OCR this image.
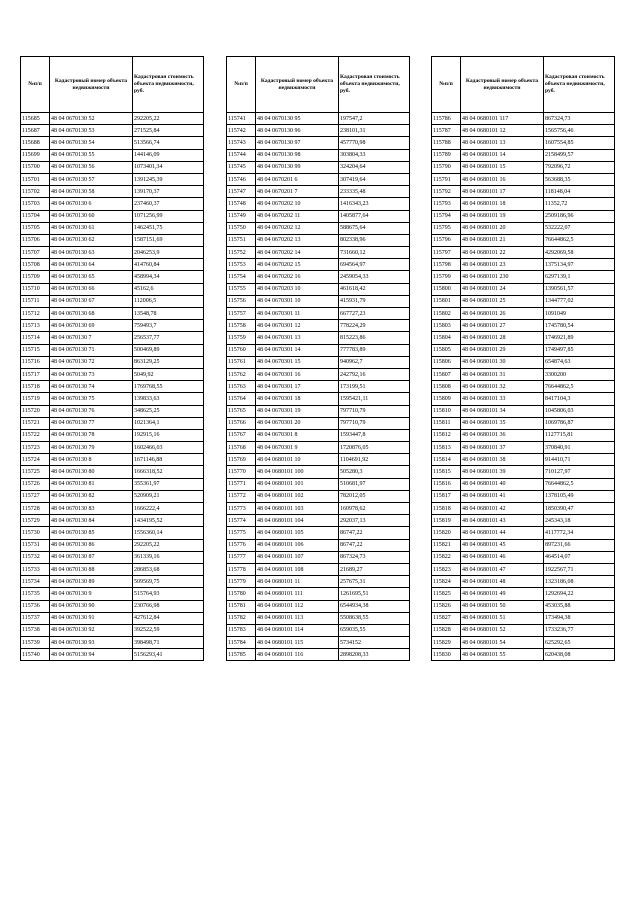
№п/п	Кадастровый номер объекта недвижимости	Кадастровая стоимость объекта недвижимости, руб.
115685	48 04 0670130 52	292205,22
115687	48 04 0670130 53	271525,84
115688	48 04 0670130 54	513566,74
115699	48 04 0670130 55	144146,09
115700	48 04 0670130 56	1073401,34
115701	48 04 0670130 57	1391245,39
115702	48 04 0670130 58	139170,37
115703	48 04 0670130 6	237460,37
115704	48 04 0670130 60	1071256,99
115705	48 04 0670130 61	1462451,75
115706	48 04 0670130 62	1587151,69
115707	48 04 0670130 63	2046253,9
115708	48 04 0670130 64	414760,84
115709	48 04 0670130 65	458994,34
115710	48 04 0670130 66	45162,6
115711	48 04 0670130 67	112006,5
115712	48 04 0670130 68	13548,78
115713	48 04 0670130 69	759493,7
115714	48 04 0670130 7	256537,77
115715	48 04 0670130 71	500469,89
115716	48 04 0670130 72	863129,25
115717	48 04 0670130 73	5049,92
115718	48 04 0670130 74	1769768,55
115719	48 04 0670130 75	139833,63
115720	48 04 0670130 76	348625,25
115721	48 04 0670130 77	1021364,1
115722	48 04 0670130 78	192915,16
115723	48 04 0670130 79	1602466,03
115724	48 04 0670130 8	1671146,88
115725	48 04 0670130 80	1666318,52
115726	48 04 0670130 81	355361,97
115727	48 04 0670130 82	520909,21
115728	48 04 0670130 83	1666222,4
115729	48 04 0670130 84	1434195,52
115730	48 04 0670130 85	1556360,14
115731	48 04 0670130 86	292205,22
115732	48 04 0670130 87	361339,16
115733	48 04 0670130 88	286853,68
115734	48 04 0670130 89	509569,75
115735	48 04 0670130 9	515764,93
115736	48 04 0670130 90	230766,98
115737	48 04 0670130 91	427612,84
115738	48 04 0670130 92	392522,59
115739	48 04 0670130 93	398498,71
115740	48 04 0670130 94	5156293,41
№п/п	Кадастровый номер объекта недвижимости	Кадастровая стоимость объекта недвижимости, руб.
115741	48 04 0670130 95	197547,2
115742	48 04 0670130 96	238101,31
115743	48 04 0670130 97	457770,98
115744	48 04 0670130 98	303804,33
115745	48 04 0670130 99	324204,64
115746	48 04 0670201 6	307419,64
115747	48 04 0670201 7	233335,48
115748	48 04 0670202 10	1416343,23
115749	48 04 0670202 11	1405877,64
115750	48 04 0670202 12	588675,64
115751	48 04 0670202 13	802338,96
115752	48 04 0670202 14	731660,12
115753	48 04 0670202 15	694564,97
115754	48 04 0670202 16	2459054,33
115755	48 04 0670203 10	461618,42
115756	48 04 0670301 10	415931,79
115757	48 04 0670301 11	667727,23
115758	48 04 0670301 12	778224,29
115759	48 04 0670301 13	815223,86
115760	48 04 0670301 14	777783,89
115761	48 04 0670301 15	940962,7
115762	48 04 0670301 16	242792,16
115763	48 04 0670301 17	173199,51
115764	48 04 0670301 18	1595421,11
115765	48 04 0670301 19	797710,79
115766	48 04 0670301 20	797710,79
115767	48 04 0670301 8	1593447,8
115768	48 04 0670301 9	1720876,05
115769	48 04 0680101 10	1104691,92
115770	48 04 0680101 100	505280,3
115771	48 04 0680101 101	510681,97
115772	48 04 0680101 102	782012,05
115773	48 04 0680101 103	160978,62
115774	48 04 0680101 104	292037,13
115775	48 04 0680101 105	86747,22
115776	48 04 0680101 106	86747,22
115777	48 04 0680101 107	867324,73
115778	48 04 0680101 108	21689,27
115779	48 04 0680101 11	257675,31
115780	48 04 0680101 111	1261695,51
115781	48 04 0680101 112	6544934,38
115782	48 04 0680101 113	5508638,55
115783	48 04 0680101 114	659035,55
115784	48 04 0680101 115	5734152
115785	48 04 0680101 116	2898208,33
№п/п	Кадастровый номер объекта недвижимости	Кадастровая стоимость объекта недвижимости, руб.
115786	48 04 0680101 117	867324,73
115787	48 04 0680101 12	1565756,46
115788	48 04 0680101 13	1607554,85
115789	48 04 0680101 14	2158499,57
115790	48 04 0680101 15	792096,72
115791	48 04 0680101 16	563688,35
115792	48 04 0680101 17	118148,04
115793	48 04 0680101 18	11352,72
115794	48 04 0680101 19	2509186,96
115795	48 04 0680101 20	532222,07
115796	48 04 0680101 21	76644862,5
115797	48 04 0680101 22	4292069,58
115798	48 04 0680101 23	1375134,97
115799	48 04 0680101 230	6297139,1
115800	48 04 0680101 24	1390561,57
115801	48 04 0680101 25	1344777,02
115802	48 04 0680101 26	1091049
115803	48 04 0680101 27	1745780,54
115804	48 04 0680101 28	1746921,89
115805	48 04 0680101 29	1749497,85
115806	48 04 0680101 30	654874,63
115807	48 04 0680101 31	3300200
115808	48 04 0680101 32	76644862,5
115809	48 04 0680101 33	8417104,3
115810	48 04 0680101 34	1045806,03
115811	48 04 0680101 35	1069786,87
115812	48 04 0680101 36	1127715,81
115813	48 04 0680101 37	370840,91
115814	48 04 0680101 38	914410,71
115815	48 04 0680101 39	710127,97
115816	48 04 0680101 40	76644862,5
115817	48 04 0680101 41	1378105,49
115818	48 04 0680101 42	1850390,47
115819	48 04 0680101 43	245343,18
115820	48 04 0680101 44	4117772,34
115821	48 04 0680101 45	897231,66
115822	48 04 0680101 46	464514,07
115823	48 04 0680101 47	1922567,71
115824	48 04 0680101 48	1323186,08
115825	48 04 0680101 49	1292694,22
115826	48 04 0680101 50	453035,88
115827	48 04 0680101 51	173494,38
115828	48 04 0680101 52	1733236,77
115829	48 04 0680101 54	625292,65
115830	48 04 0680101 55	620438,08
